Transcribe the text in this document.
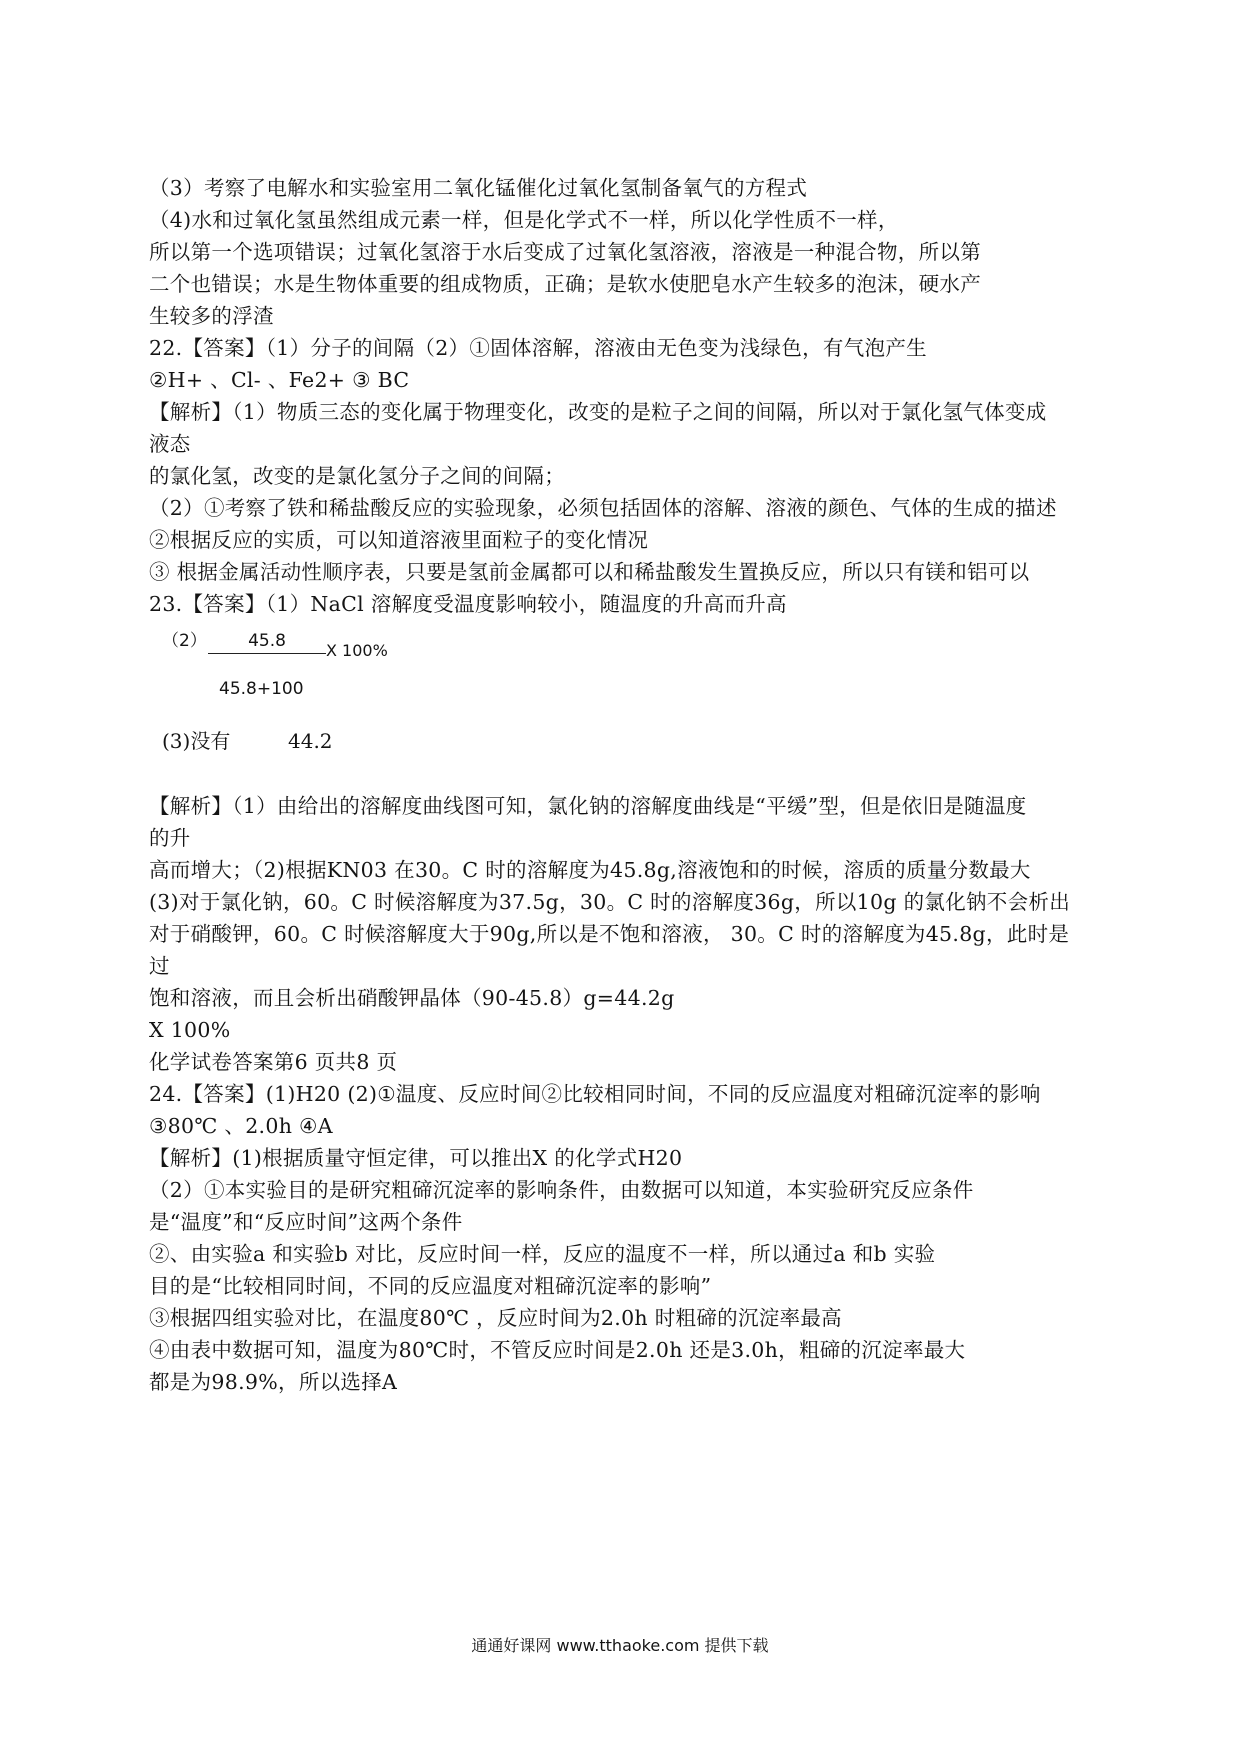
（3）考察了电解水和实验室用二氧化锰催化过氧化氢制备氧气的方程式

（4)水和过氧化氢虽然组成元素一样，但是化学式不一样，所以化学性质不一样，

所以第一个选项错误；过氧化氢溶于水后变成了过氧化氢溶液，溶液是一种混合物，所以第

二个也错误；水是生物体重要的组成物质，正确；是软水使肥皂水产生较多的泡沫，硬水产

生较多的浮渣

22.【答案】（1）分子的间隔（2）①固体溶解，溶液由无色变为浅绿色，有气泡产生

②H+ 、Cl- 、Fe2+ ③ BC

【解析】（1）物质三态的变化属于物理变化，改变的是粒子之间的间隔，所以对于氯化氢气体变成

液态

的氯化氢，改变的是氯化氢分子之间的间隔；

（2）①考察了铁和稀盐酸反应的实验现象，必须包括固体的溶解、溶液的颜色、气体的生成的描述

②根据反应的实质，可以知道溶液里面粒子的变化情况

③ 根据金属活动性顺序表，只要是氢前金属都可以和稀盐酸发生置换反应，所以只有镁和铝可以

23.【答案】（1）NaCl 溶解度受温度影响较小，随温度的升高而升高

（2）	45.8
45.8+100
X 100%
(3)没有	44.2

【解析】（1）由给出的溶解度曲线图可知，氯化钠的溶解度曲线是“平缓”型，但是依旧是随温度

的升

高而增大；（2)根据KN03 在30。C 时的溶解度为45.8g,溶液饱和的时候，溶质的质量分数最大

(3)对于氯化钠，60。C 时候溶解度为37.5g，30。C 时的溶解度36g，所以10g 的氯化钠不会析出

对于硝酸钾，60。C 时候溶解度大于90g,所以是不饱和溶液， 30。C 时的溶解度为45.8g，此时是

过

饱和溶液，而且会析出硝酸钾晶体（90-45.8）g=44.2g

X 100%

化学试卷答案第6 页共8 页

24.【答案】(1)H20 (2)①温度、反应时间②比较相同时间，不同的反应温度对粗碲沉淀率的影响

③80℃ 、2.0h ④A

【解析】(1)根据质量守恒定律，可以推出X 的化学式H20

（2）①本实验目的是研究粗碲沉淀率的影响条件，由数据可以知道，本实验研究反应条件

是“温度”和“反应时间”这两个条件

②、由实验a 和实验b 对比，反应时间一样，反应的温度不一样，所以通过a 和b 实验

目的是“比较相同时间，不同的反应温度对粗碲沉淀率的影响”

③根据四组实验对比，在温度80℃ ，反应时间为2.0h 时粗碲的沉淀率最高

④由表中数据可知，温度为80℃时，不管反应时间是2.0h 还是3.0h，粗碲的沉淀率最大

都是为98.9%，所以选择A

通通好课网 www.tthaoke.com 提供下载
